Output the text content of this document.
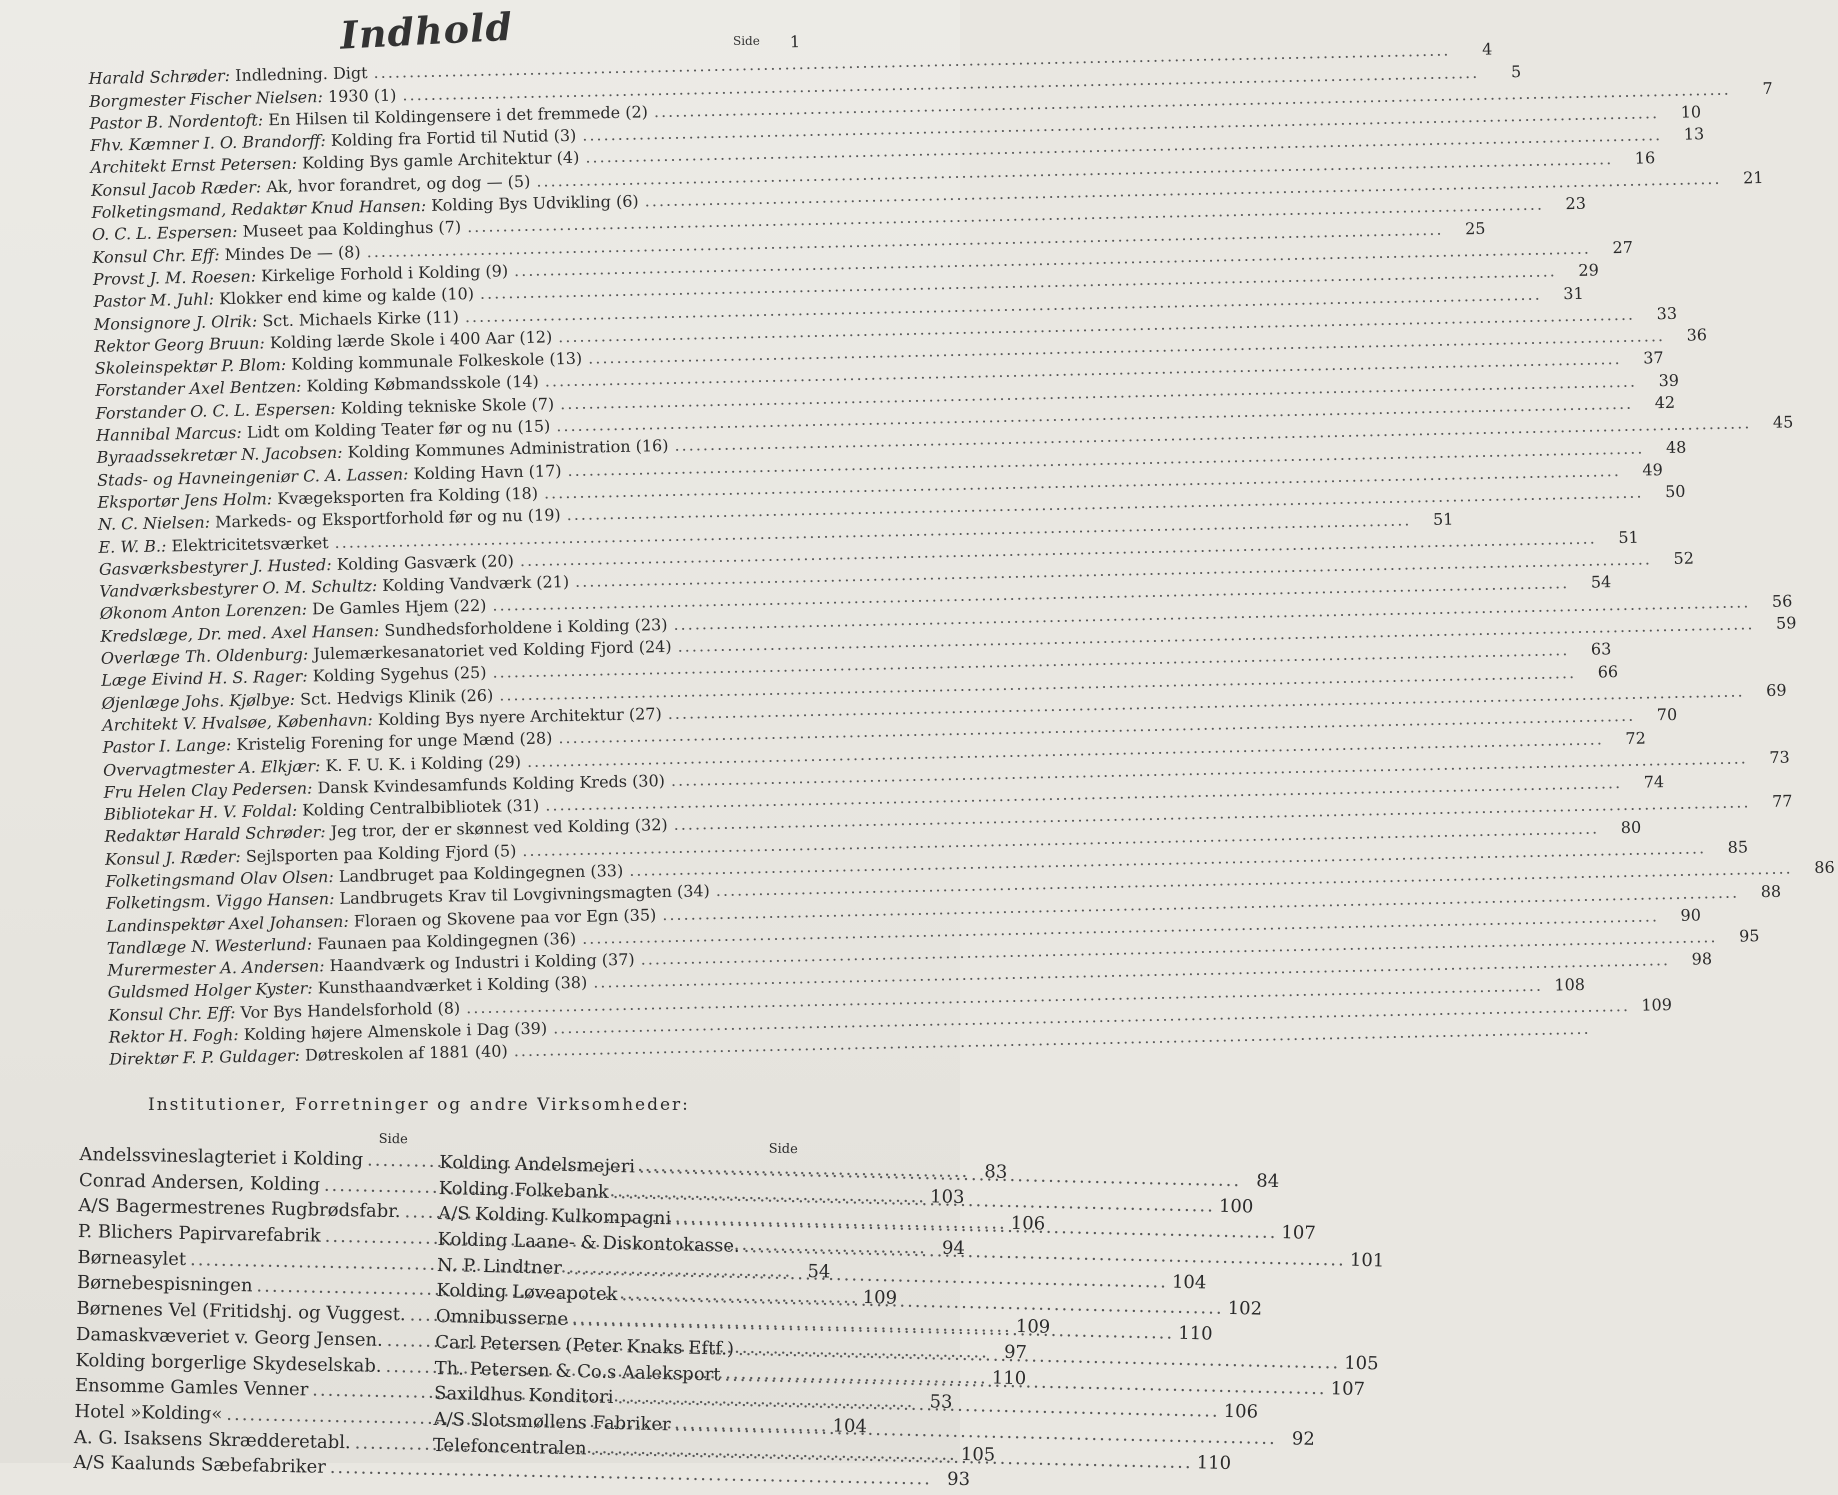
Indhold	Side	1
Harald Schrøder: Indledning. Digt
.....
4
Borgmester Fischer Nielsen: 1930 (1)
.....
5
Pastor B. Nordentoft: En Hilsen til Koldingensere i det fremmede (2)
.....
7
Fhv. Kæmner I. O. Brandorff: Kolding fra Fortid til Nutid (3)
.....
10
Architekt Ernst Petersen: Kolding Bys gamle Architektur (4)
.....
13
Konsul Jacob Ræder: Ak, hvor forandret, og dog — (5)
.....
16
Folketingsmand, Redaktør Knud Hansen: Kolding Bys Udvikling (6)
.....
21
O. C. L. Espersen: Museet paa Koldinghus (7)
.....
23
Konsul Chr. Eff: Mindes De — (8)
.....
25
Provst J. M. Roesen: Kirkelige Forhold i Kolding (9)
.....
27
Pastor M. Juhl: Klokker end kime og kalde (10)
.....
29
Monsignore J. Olrik: Sct. Michaels Kirke (11)
.....
31
Rektor Georg Bruun: Kolding lærde Skole i 400 Aar (12)
.....
33
Skoleinspektør P. Blom: Kolding kommunale Folkeskole (13)
.....
36
Forstander Axel Bentzen: Kolding Købmandsskole (14)
.....
37
Forstander O. C. L. Espersen: Kolding tekniske Skole (7)
.....
39
Hannibal Marcus: Lidt om Kolding Teater før og nu (15)
.....
42
Byraadssekretær N. Jacobsen: Kolding Kommunes Administration (16)
.....
45
Stads- og Havneingeniør C. A. Lassen: Kolding Havn (17)
.....
48
Eksportør Jens Holm: Kvægeksporten fra Kolding (18)
.....
49
N. C. Nielsen: Markeds- og Eksportforhold før og nu (19)
.....
50
E. W. B.: Elektricitetsværket
.....
51
Gasværksbestyrer J. Husted: Kolding Gasværk (20)
.....
51
Vandværksbestyrer O. M. Schultz: Kolding Vandværk (21)
.....
52
Økonom Anton Lorenzen: De Gamles Hjem (22)
.....
54
Kredslæge, Dr. med. Axel Hansen: Sundhedsforholdene i Kolding (23)
.....
56
Overlæge Th. Oldenburg: Julemærkesanatoriet ved Kolding Fjord (24)
.....
59
Læge Eivind H. S. Rager: Kolding Sygehus (25)
.....
63
Øjenlæge Johs. Kjølbye: Sct. Hedvigs Klinik (26)
.....
66
Architekt V. Hvalsøe, København: Kolding Bys nyere Architektur (27)
.....
69
Pastor I. Lange: Kristelig Forening for unge Mænd (28)
.....
70
Overvagtmester A. Elkjær: K. F. U. K. i Kolding (29)
.....
72
Fru Helen Clay Pedersen: Dansk Kvindesamfunds Kolding Kreds (30)
.....
73
Bibliotekar H. V. Foldal: Kolding Centralbibliotek (31)
.....
74
Redaktør Harald Schrøder: Jeg tror, der er skønnest ved Kolding (32)
.....
77
Konsul J. Ræder: Sejlsporten paa Kolding Fjord (5)
.....
80
Folketingsmand Olav Olsen: Landbruget paa Koldingegnen (33)
.....
85
Folketingsm. Viggo Hansen: Landbrugets Krav til Lovgivningsmagten (34)
.....
86
Landinspektør Axel Johansen: Floraen og Skovene paa vor Egn (35)
.....
88
Tandlæge N. Westerlund: Faunaen paa Koldingegnen (36)
.....
90
Murermester A. Andersen: Haandværk og Industri i Kolding (37)
.....
95
Guldsmed Holger Kyster: Kunsthaandværket i Kolding (38)
.....
98
Konsul Chr. Eff: Vor Bys Handelsforhold (8)
.....
108
Rektor H. Fogh: Kolding højere Almenskole i Dag (39)
.....
109
Direktør F. P. Guldager: Døtreskolen af 1881 (40)
.....
Institutioner, Forretninger og andre Virksomheder:
Side
Andelssvineslagteriet i Kolding
.....
83
Conrad Andersen, Kolding
.....
103
A/S Bagermestrenes Rugbrødsfabr.
.....
106
P. Blichers Papirvarefabrik
.....
94
Børneasylet
.....
54
Børnebespisningen
.....
109
Børnenes Vel (Fritidshj. og Vuggest.
.....
109
Damaskvæveriet v. Georg Jensen.
.....
97
Kolding borgerlige Skydeselskab.
.....
110
Ensomme Gamles Venner
.....
53
Hotel »Kolding«
.....
104
A. G. Isaksens Skrædderetabl.
.....
105
A/S Kaalunds Sæbefabriker
.....
93
Side
Kolding Andelsmejeri
.....
84
Kolding Folkebank
.....
100
A/S Kolding Kulkompagni
.....
107
Kolding Laane- & Diskontokasse.
.....
101
N. P. Lindtner
.....
104
Kolding Løveapotek
.....
102
Omnibusserne
.....
110
Carl Petersen (Peter Knaks Eftf.)
.....
105
Th. Petersen & Co.s Aaleksport
.....
107
Saxildhus Konditori
.....
106
A/S Slotsmøllens Fabriker
.....
92
Telefoncentralen
.....
110
